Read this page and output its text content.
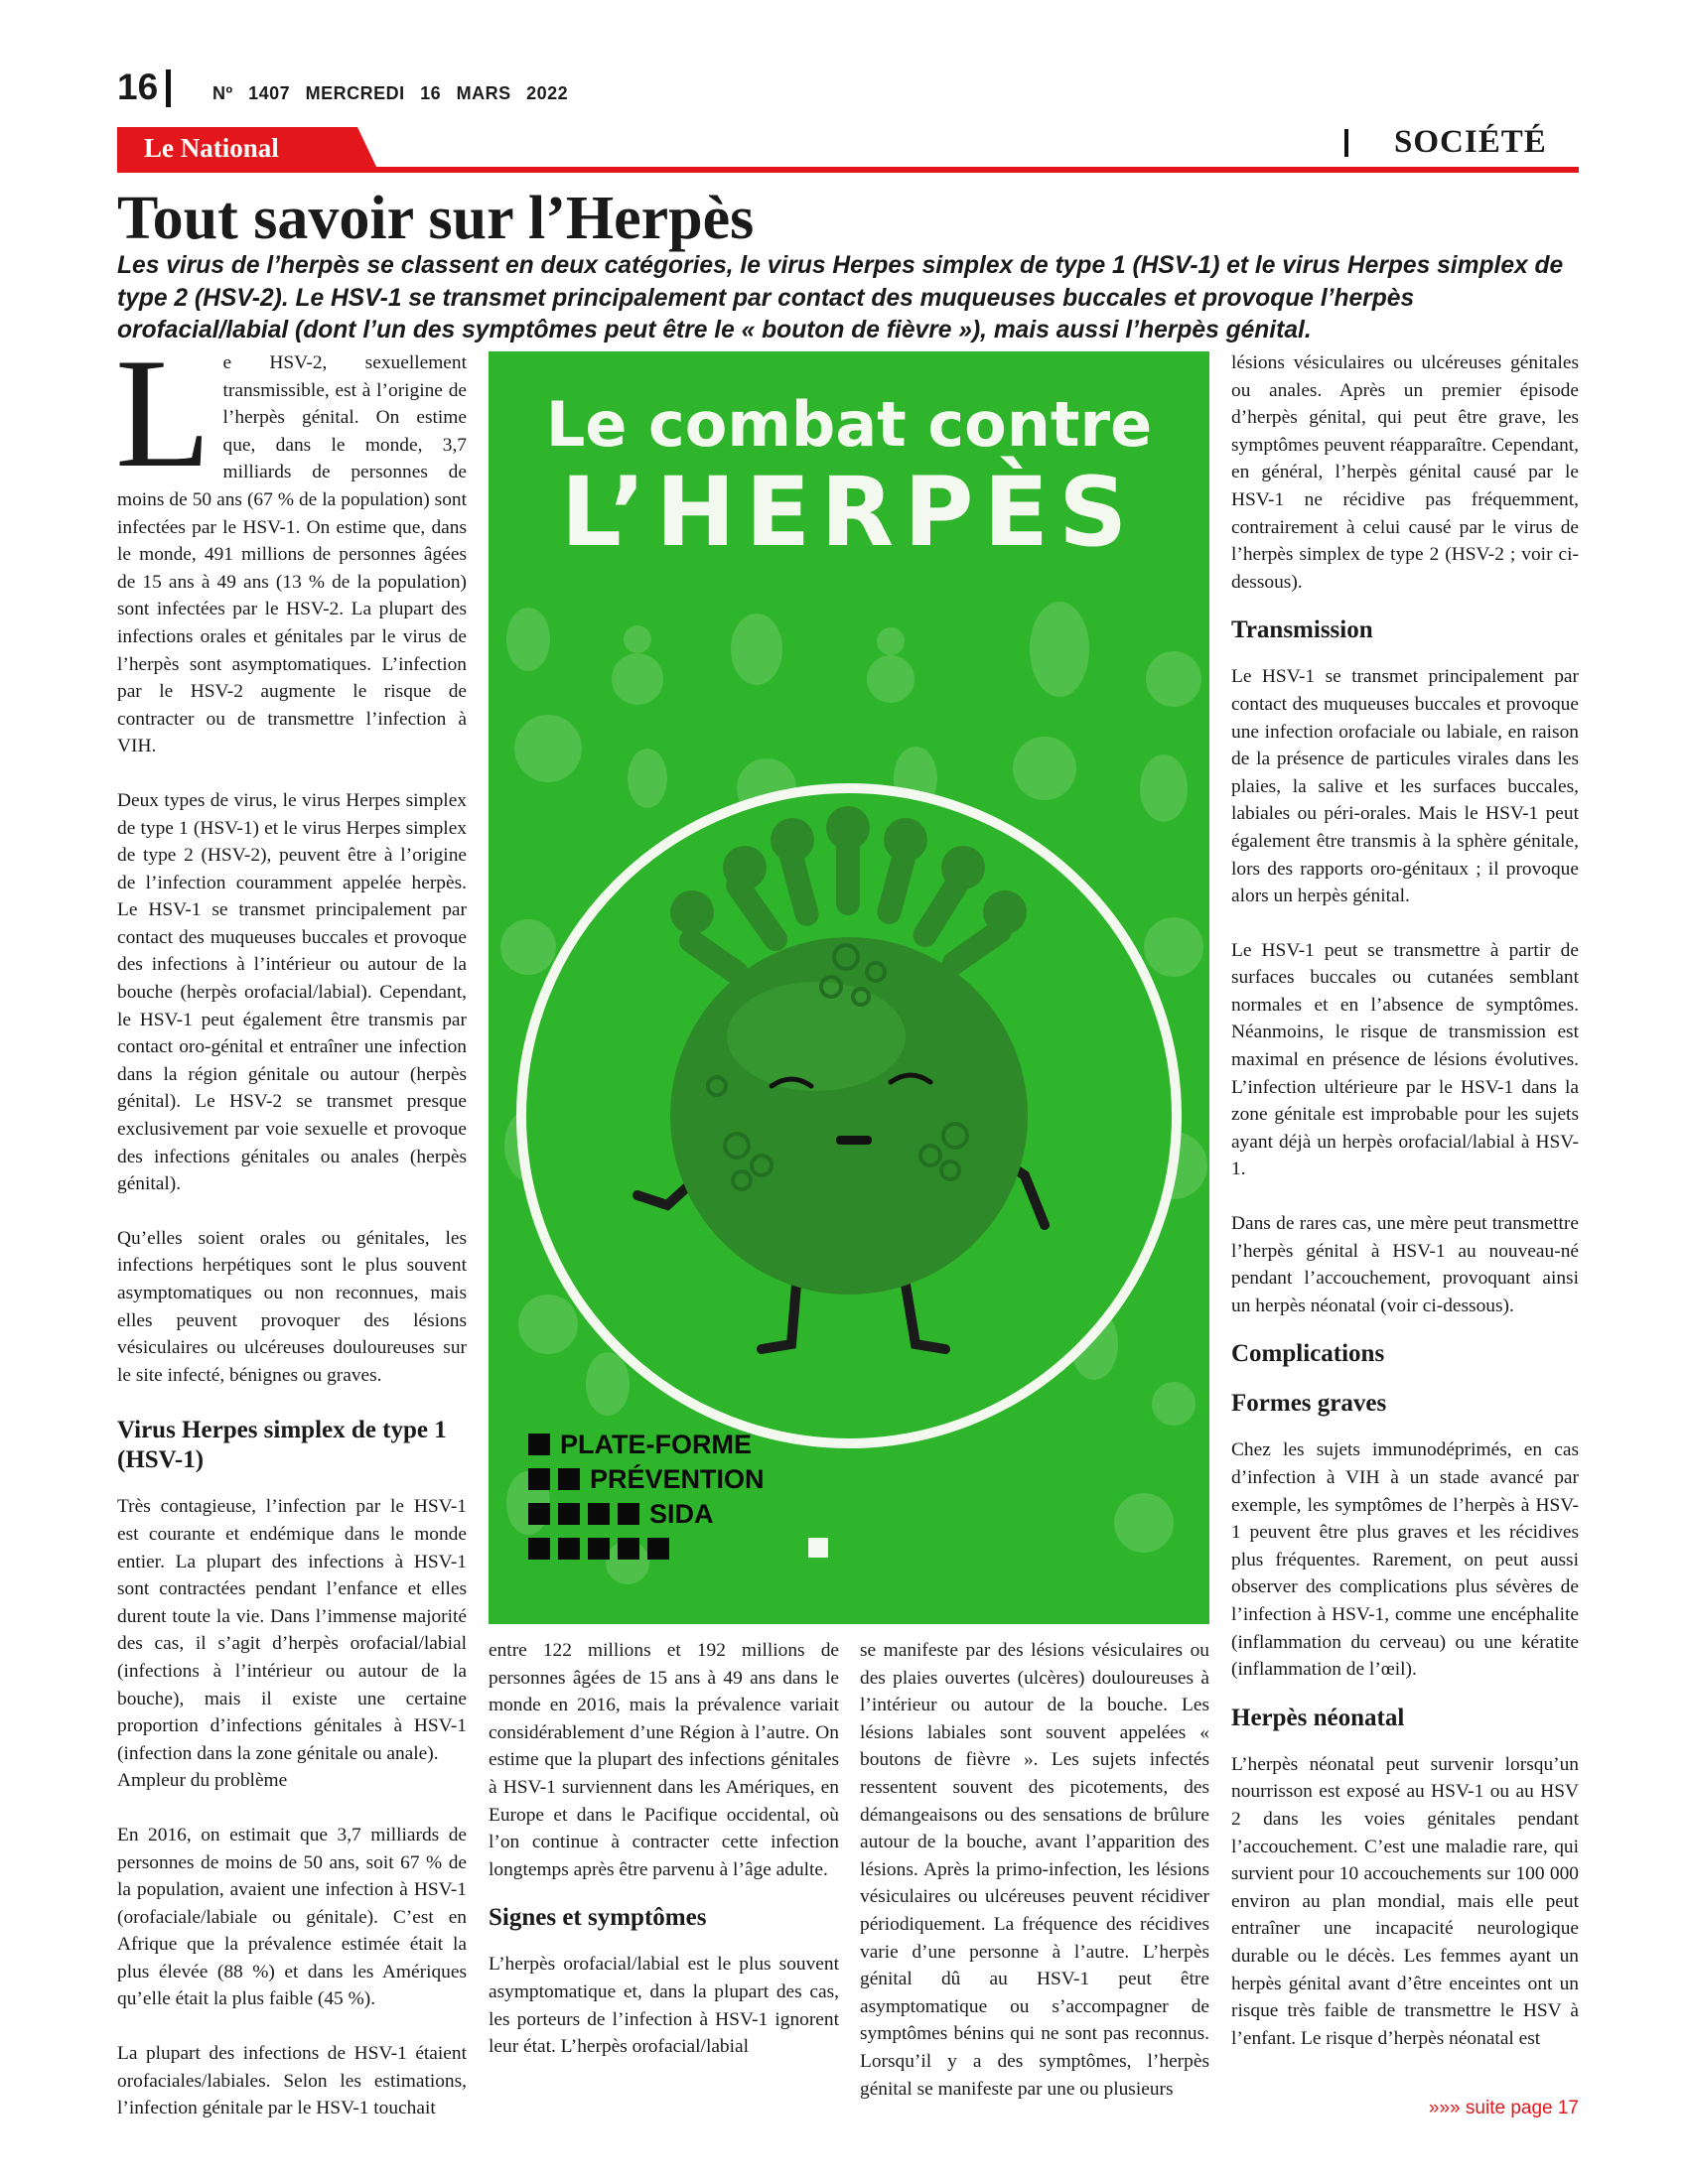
16	Nº 1407 MERCREDI 16 MARS 2022
Le National	SOCIÉTÉ
Tout savoir sur l’Herpès
Les virus de l’herpès se classent en deux catégories, le virus Herpes simplex de type 1 (HSV-1) et le virus Herpes simplex de type 2 (HSV-2). Le HSV-1 se transmet principalement par contact des muqueuses buccales et provoque l’herpès orofacial/labial (dont l’un des symptômes peut être le « bouton de fièvre »), mais aussi l’herpès génital.

Le HSV-2, sexuellement transmissible, est à l’origine de l’herpès génital. On estime que, dans le monde, 3,7 milliards de personnes de moins de 50 ans (67 % de la population) sont infectées par le HSV-1. On estime que, dans le monde, 491 millions de personnes âgées de 15 ans à 49 ans (13 % de la population) sont infectées par le HSV-2. La plupart des infections orales et génitales par le virus de l’herpès sont asymptomatiques. L’infection par le HSV-2 augmente le risque de contracter ou de transmettre l’infection à VIH.

Deux types de virus, le virus Herpes simplex de type 1 (HSV-1) et le virus Herpes simplex de type 2 (HSV-2), peuvent être à l’origine de l’infection couramment appelée herpès. Le HSV-1 se transmet principalement par contact des muqueuses buccales et provoque des infections à l’intérieur ou autour de la bouche (herpès orofacial/labial). Cependant, le HSV-1 peut également être transmis par contact oro-génital et entraîner une infection dans la région génitale ou autour (herpès génital). Le HSV-2 se transmet presque exclusivement par voie sexuelle et provoque des infections génitales ou anales (herpès génital).

Qu’elles soient orales ou génitales, les infections herpétiques sont le plus souvent asymptomatiques ou non reconnues, mais elles peuvent provoquer des lésions vésiculaires ou ulcéreuses douloureuses sur le site infecté, bénignes ou graves.

Virus Herpes simplex de type 1 (HSV-1)

Très contagieuse, l’infection par le HSV-1 est courante et endémique dans le monde entier. La plupart des infections à HSV-1 sont contractées pendant l’enfance et elles durent toute la vie. Dans l’immense majorité des cas, il s’agit d’herpès orofacial/labial (infections à l’intérieur ou autour de la bouche), mais il existe une certaine proportion d’infections génitales à HSV-1 (infection dans la zone génitale ou anale).

Ampleur du problème

En 2016, on estimait que 3,7 milliards de personnes de moins de 50 ans, soit 67 % de la population, avaient une infection à HSV-1 (orofaciale/labiale ou génitale). C’est en Afrique que la prévalence estimée était la plus élevée (88 %) et dans les Amériques qu’elle était la plus faible (45 %).

La plupart des infections de HSV-1 étaient orofaciales/labiales. Selon les estimations, l’infection génitale par le HSV-1 touchait

Le combat contre
L’HERPÈS
PLATE-FORME
PRÉVENTION
SIDA

entre 122 millions et 192 millions de personnes âgées de 15 ans à 49 ans dans le monde en 2016, mais la prévalence variait considérablement d’une Région à l’autre. On estime que la plupart des infections génitales à HSV-1 surviennent dans les Amériques, en Europe et dans le Pacifique occidental, où l’on continue à contracter cette infection longtemps après être parvenu à l’âge adulte.

Signes et symptômes

L’herpès orofacial/labial est le plus souvent asymptomatique et, dans la plupart des cas, les porteurs de l’infection à HSV-1 ignorent leur état. L’herpès orofacial/labial

se manifeste par des lésions vésiculaires ou des plaies ouvertes (ulcères) douloureuses à l’intérieur ou autour de la bouche. Les lésions labiales sont souvent appelées « boutons de fièvre ». Les sujets infectés ressentent souvent des picotements, des démangeaisons ou des sensations de brûlure autour de la bouche, avant l’apparition des lésions. Après la primo-infection, les lésions vésiculaires ou ulcéreuses peuvent récidiver périodiquement. La fréquence des récidives varie d’une personne à l’autre. L’herpès génital dû au HSV-1 peut être asymptomatique ou s’accompagner de symptômes bénins qui ne sont pas reconnus. Lorsqu’il y a des symptômes, l’herpès génital se manifeste par une ou plusieurs

lésions vésiculaires ou ulcéreuses génitales ou anales. Après un premier épisode d’herpès génital, qui peut être grave, les symptômes peuvent réapparaître. Cependant, en général, l’herpès génital causé par le HSV-1 ne récidive pas fréquemment, contrairement à celui causé par le virus de l’herpès simplex de type 2 (HSV-2 ; voir ci-dessous).

Transmission

Le HSV-1 se transmet principalement par contact des muqueuses buccales et provoque une infection orofaciale ou labiale, en raison de la présence de particules virales dans les plaies, la salive et les surfaces buccales, labiales ou péri-orales. Mais le HSV-1 peut également être transmis à la sphère génitale, lors des rapports oro-génitaux ; il provoque alors un herpès génital.

Le HSV-1 peut se transmettre à partir de surfaces buccales ou cutanées semblant normales et en l’absence de symptômes. Néanmoins, le risque de transmission est maximal en présence de lésions évolutives. L’infection ultérieure par le HSV-1 dans la zone génitale est improbable pour les sujets ayant déjà un herpès orofacial/labial à HSV-1.

Dans de rares cas, une mère peut transmettre l’herpès génital à HSV-1 au nouveau-né pendant l’accouchement, provoquant ainsi un herpès néonatal (voir ci-dessous).

Complications
Formes graves

Chez les sujets immunodéprimés, en cas d’infection à VIH à un stade avancé par exemple, les symptômes de l’herpès à HSV-1 peuvent être plus graves et les récidives plus fréquentes. Rarement, on peut aussi observer des complications plus sévères de l’infection à HSV-1, comme une encéphalite (inflammation du cerveau) ou une kératite (inflammation de l’œil).

Herpès néonatal

L’herpès néonatal peut survenir lorsqu’un nourrisson est exposé au HSV-1 ou au HSV 2 dans les voies génitales pendant l’accouchement. C’est une maladie rare, qui survient pour 10 accouchements sur 100 000 environ au plan mondial, mais elle peut entraîner une incapacité neurologique durable ou le décès. Les femmes ayant un herpès génital avant d’être enceintes ont un risque très faible de transmettre le HSV à l’enfant. Le risque d’herpès néonatal est

»»» suite page 17
